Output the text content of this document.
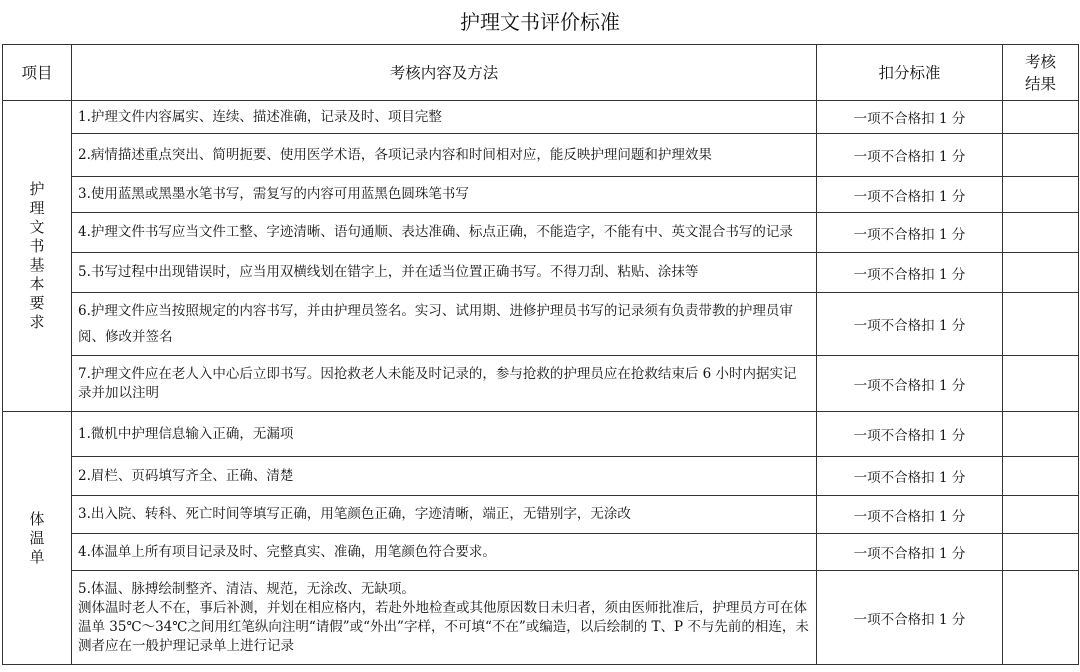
护理文书评价标准
项目	考核内容及方法	扣分标准	考核
结果
护理文书基本要求	1.护理文件内容属实、连续、描述准确，记录及时、项目完整	一项不合格扣 1 分	
	2.病情描述重点突出、简明扼要、使用医学术语，各项记录内容和时间相对应，能反映护理问题和护理效果	一项不合格扣 1 分	
	3.使用蓝黑或黑墨水笔书写，需复写的内容可用蓝黑色圆珠笔书写	一项不合格扣 1 分	
	4.护理文件书写应当文件工整、字迹清晰、语句通顺、表达准确、标点正确，不能造字，不能有中、英文混合书写的记录	一项不合格扣 1 分	
	5.书写过程中出现错误时，应当用双横线划在错字上，并在适当位置正确书写。不得刀刮、粘贴、涂抹等	一项不合格扣 1 分	
	6.护理文件应当按照规定的内容书写，并由护理员签名。实习、试用期、进修护理员书写的记录须有负责带教的护理员审阅、修改并签名	一项不合格扣 1 分	
	7.护理文件应在老人入中心后立即书写。因抢救老人未能及时记录的，参与抢救的护理员应在抢救结束后 6 小时内据实记录并加以注明	一项不合格扣 1 分	
体温单	1.微机中护理信息输入正确，无漏项	一项不合格扣 1 分	
	2.眉栏、页码填写齐全、正确、清楚	一项不合格扣 1 分	
	3.出入院、转科、死亡时间等填写正确，用笔颜色正确，字迹清晰，端正，无错别字，无涂改	一项不合格扣 1 分	
	4.体温单上所有项目记录及时、完整真实、准确，用笔颜色符合要求。	一项不合格扣 1 分	
	5.体温、脉搏绘制整齐、清洁、规范，无涂改、无缺项。
测体温时老人不在，事后补测，并划在相应格内，若赴外地检查或其他原因数日未归者，须由医师批准后，护理员方可在体温单 35℃～34℃之间用红笔纵向注明“请假”或“外出”字样，不可填“不在”或编造，以后绘制的 T、P 不与先前的相连，未测者应在一般护理记录单上进行记录	一项不合格扣 1 分	
